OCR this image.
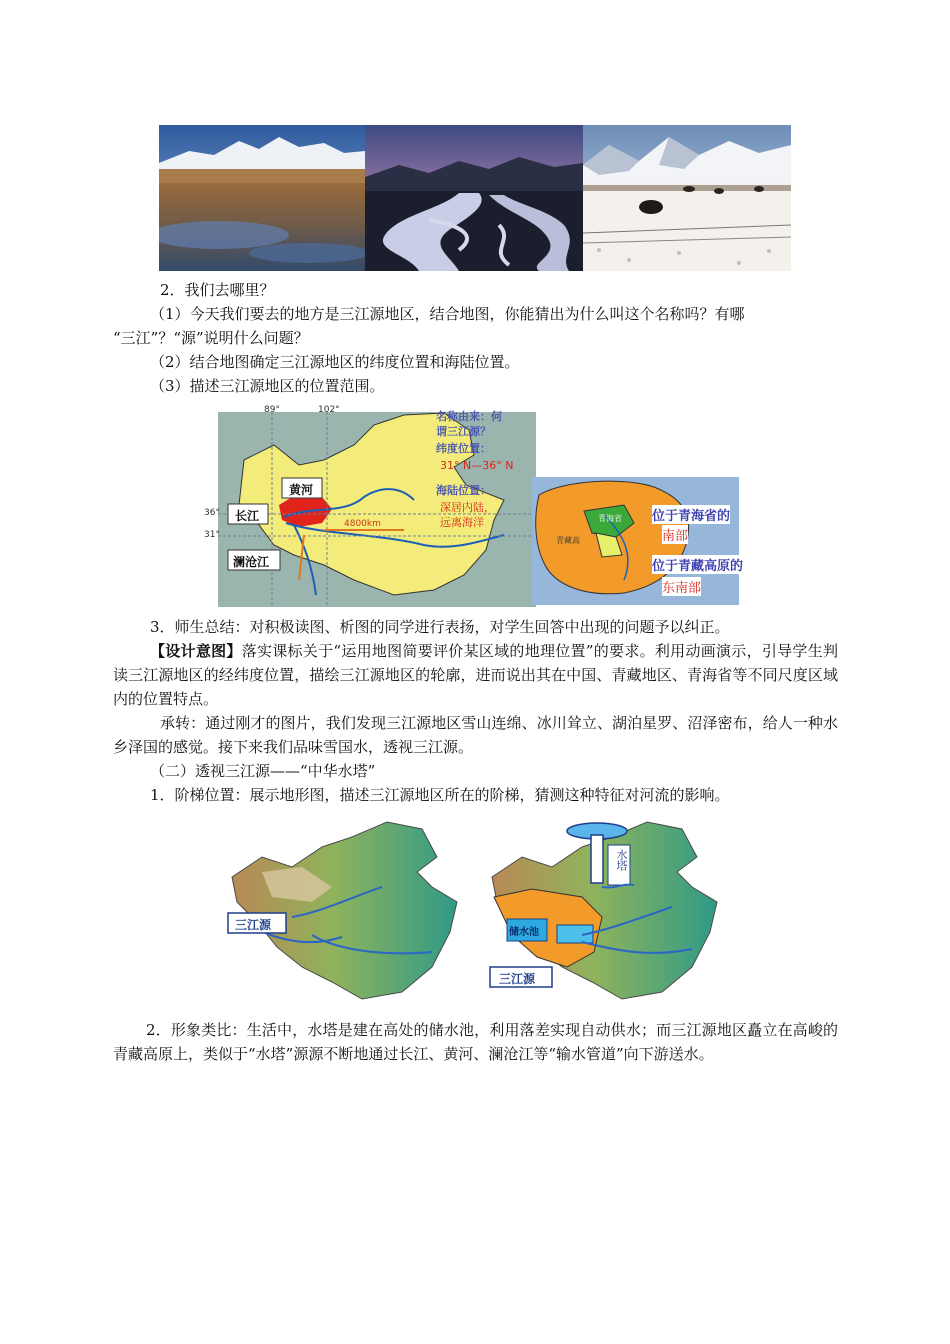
2．我们去哪里？
（1）今天我们要去的地方是三江源地区，结合地图，你能猜出为什么叫这个名称吗？有哪
“三江”？“源”说明什么问题？
（2）结合地图确定三江源地区的纬度位置和海陆位置。
（3）描述三江源地区的位置范围。
89°	102°
36°
31°
黄河
长江
澜沧江
4800km
名称由来：何
谓三江源？
纬度位置：
31° N—36° N
海陆位置：
深居内陆，
远离海洋	青海省
青藏高
位于青海省的
南部
位于青藏高原的
东南部
3．师生总结：对积极读图、析图的同学进行表扬，对学生回答中出现的问题予以纠正。
【设计意图】落实课标关于“运用地图简要评价某区域的地理位置”的要求。利用动画演示，引导学生判读三江源地区的经纬度位置，描绘三江源地区的轮廓，进而说出其在中国、青藏地区、青海省等不同尺度区域内的位置特点。
承转：通过刚才的图片，我们发现三江源地区雪山连绵、冰川耸立、湖泊星罗、沼泽密布，给人一种水乡泽国的感觉。接下来我们品味雪国水，透视三江源。
（二）透视三江源——“中华水塔”
1．阶梯位置：展示地形图，描述三江源地区所在的阶梯，猜测这种特征对河流的影响。
三江源
三江源
储水池
水塔
2．形象类比：生活中，水塔是建在高处的储水池，利用落差实现自动供水；而三江源地区矗立在高峻的青藏高原上，类似于“水塔”源源不断地通过长江、黄河、澜沧江等“输水管道”向下游送水。
